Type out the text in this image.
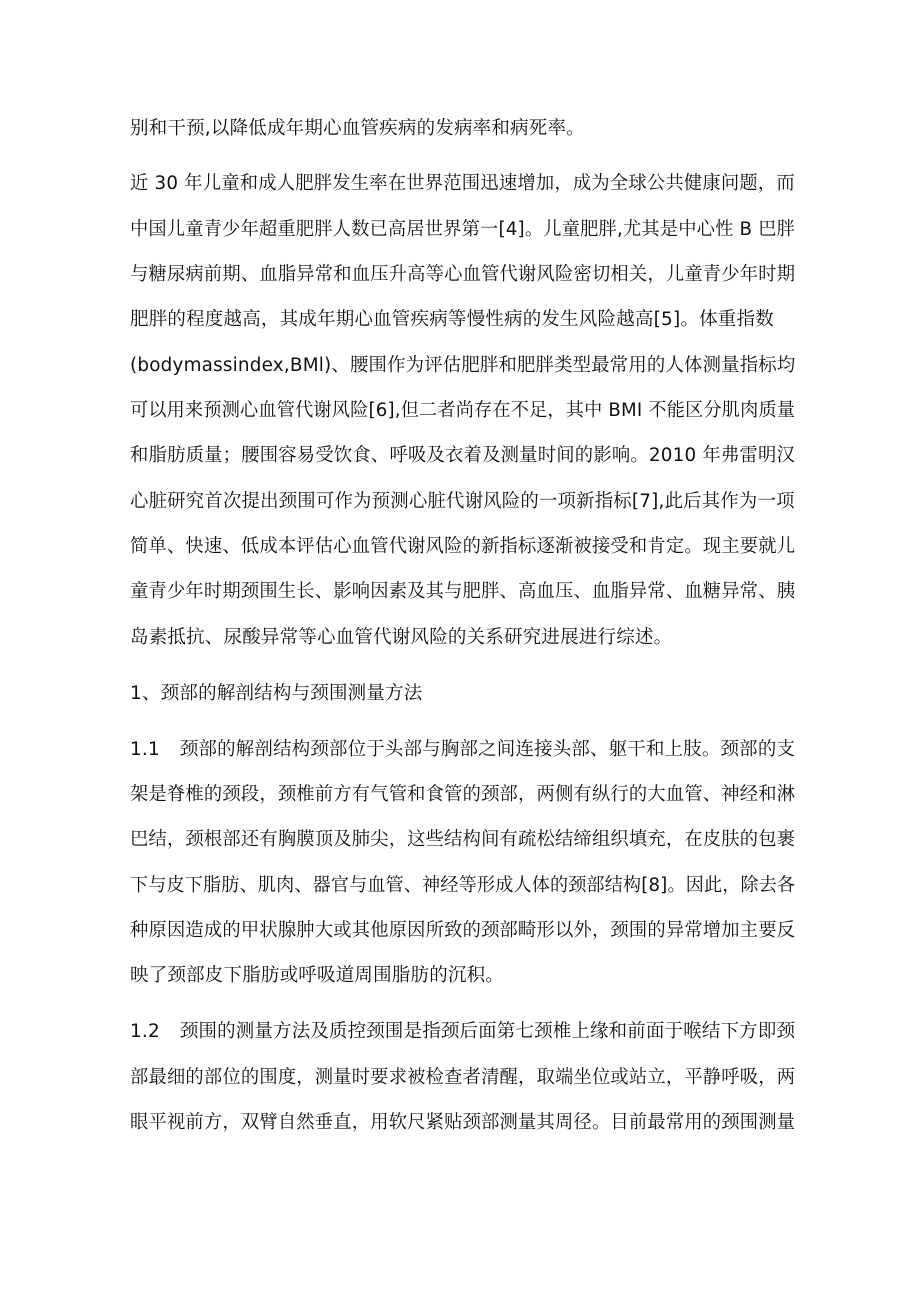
别和干预,以降低成年期心血管疾病的发病率和病死率。
近 30 年儿童和成人肥胖发生率在世界范围迅速增加，成为全球公共健康问题，而
中国儿童青少年超重肥胖人数已高居世界第一[4]。儿童肥胖,尤其是中心性 B 巴胖
与糖尿病前期、血脂异常和血压升高等心血管代谢风险密切相关，儿童青少年时期
肥胖的程度越高，其成年期心血管疾病等慢性病的发生风险越高[5]。体重指数
(bodymassindex,BMl)、腰围作为评估肥胖和肥胖类型最常用的人体测量指标均
可以用来预测心血管代谢风险[6],但二者尚存在不足，其中 BMI 不能区分肌肉质量
和脂肪质量；腰围容易受饮食、呼吸及衣着及测量时间的影响。2010 年弗雷明汉
心脏研究首次提出颈围可作为预测心脏代谢风险的一项新指标[7],此后其作为一项
简单、快速、低成本评估心血管代谢风险的新指标逐渐被接受和肯定。现主要就儿
童青少年时期颈围生长、影响因素及其与肥胖、高血压、血脂异常、血糖异常、胰
岛素抵抗、尿酸异常等心血管代谢风险的关系研究进展进行综述。
1、颈部的解剖结构与颈围测量方法
1.1 颈部的解剖结构颈部位于头部与胸部之间连接头部、躯干和上肢。颈部的支
架是脊椎的颈段，颈椎前方有气管和食管的颈部，两侧有纵行的大血管、神经和淋
巴结，颈根部还有胸膜顶及肺尖，这些结构间有疏松结缔组织填充，在皮肤的包裹
下与皮下脂肪、肌肉、器官与血管、神经等形成人体的颈部结构[8]。因此，除去各
种原因造成的甲状腺肿大或其他原因所致的颈部畸形以外，颈围的异常增加主要反
映了颈部皮下脂肪或呼吸道周围脂肪的沉积。
1.2 颈围的测量方法及质控颈围是指颈后面第七颈椎上缘和前面于喉结下方即颈
部最细的部位的围度，测量时要求被检查者清醒，取端坐位或站立，平静呼吸，两
眼平视前方，双臂自然垂直，用软尺紧贴颈部测量其周径。目前最常用的颈围测量
